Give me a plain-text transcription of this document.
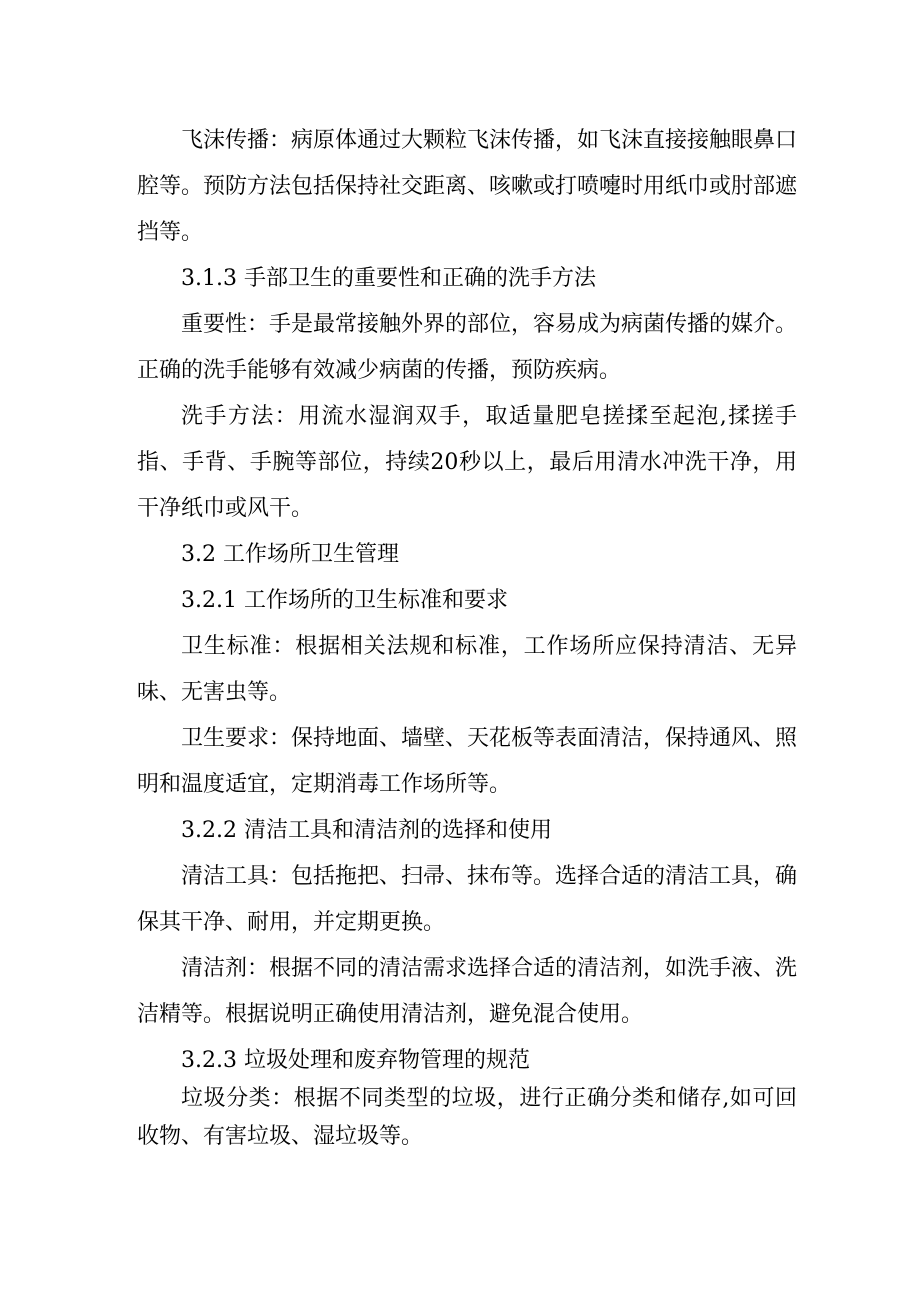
飞沫传播：病原体通过大颗粒飞沫传播，如飞沫直接接触眼鼻口腔等。预防方法包括保持社交距离、咳嗽或打喷嚏时用纸巾或肘部遮挡等。

3.1.3 手部卫生的重要性和正确的洗手方法

重要性：手是最常接触外界的部位，容易成为病菌传播的媒介。正确的洗手能够有效减少病菌的传播，预防疾病。

洗手方法：用流水湿润双手，取适量肥皂搓揉至起泡,揉搓手指、手背、手腕等部位，持续20秒以上，最后用清水冲洗干净，用干净纸巾或风干。

3.2 工作场所卫生管理

3.2.1 工作场所的卫生标准和要求

卫生标准：根据相关法规和标准，工作场所应保持清洁、无异味、无害虫等。

卫生要求：保持地面、墙壁、天花板等表面清洁，保持通风、照明和温度适宜，定期消毒工作场所等。

3.2.2 清洁工具和清洁剂的选择和使用

清洁工具：包括拖把、扫帚、抹布等。选择合适的清洁工具，确保其干净、耐用，并定期更换。

清洁剂：根据不同的清洁需求选择合适的清洁剂，如洗手液、洗洁精等。根据说明正确使用清洁剂，避免混合使用。

3.2.3 垃圾处理和废弃物管理的规范

垃圾分类：根据不同类型的垃圾，进行正确分类和储存,如可回收物、有害垃圾、湿垃圾等。
